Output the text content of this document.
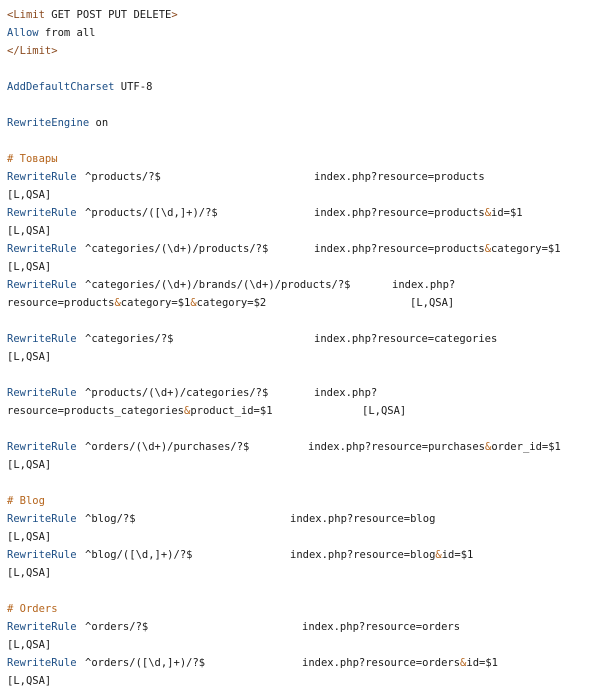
<Limit GET POST PUT DELETE>
Allow from all
</Limit>
AddDefaultCharset UTF-8
RewriteEngine on
# Товары
RewriteRule ^products/?$	index.php?resource=products
[L,QSA]
RewriteRule ^products/([\d,]+)/?$	index.php?resource=products&id=$1
[L,QSA]
RewriteRule ^categories/(\d+)/products/?$	index.php?resource=products&category=$1
[L,QSA]
RewriteRule ^categories/(\d+)/brands/(\d+)/products/?$	index.php?
resource=products&category=$1&category=$2	[L,QSA]
RewriteRule ^categories/?$	index.php?resource=categories
[L,QSA]
RewriteRule ^products/(\d+)/categories/?$	index.php?
resource=products_categories&product_id=$1	[L,QSA]
RewriteRule ^orders/(\d+)/purchases/?$	index.php?resource=purchases&order_id=$1
[L,QSA]
# Blog
RewriteRule ^blog/?$	index.php?resource=blog
[L,QSA]
RewriteRule ^blog/([\d,]+)/?$	index.php?resource=blog&id=$1
[L,QSA]
# Orders
RewriteRule ^orders/?$	index.php?resource=orders
[L,QSA]
RewriteRule ^orders/([\d,]+)/?$	index.php?resource=orders&id=$1
[L,QSA]
